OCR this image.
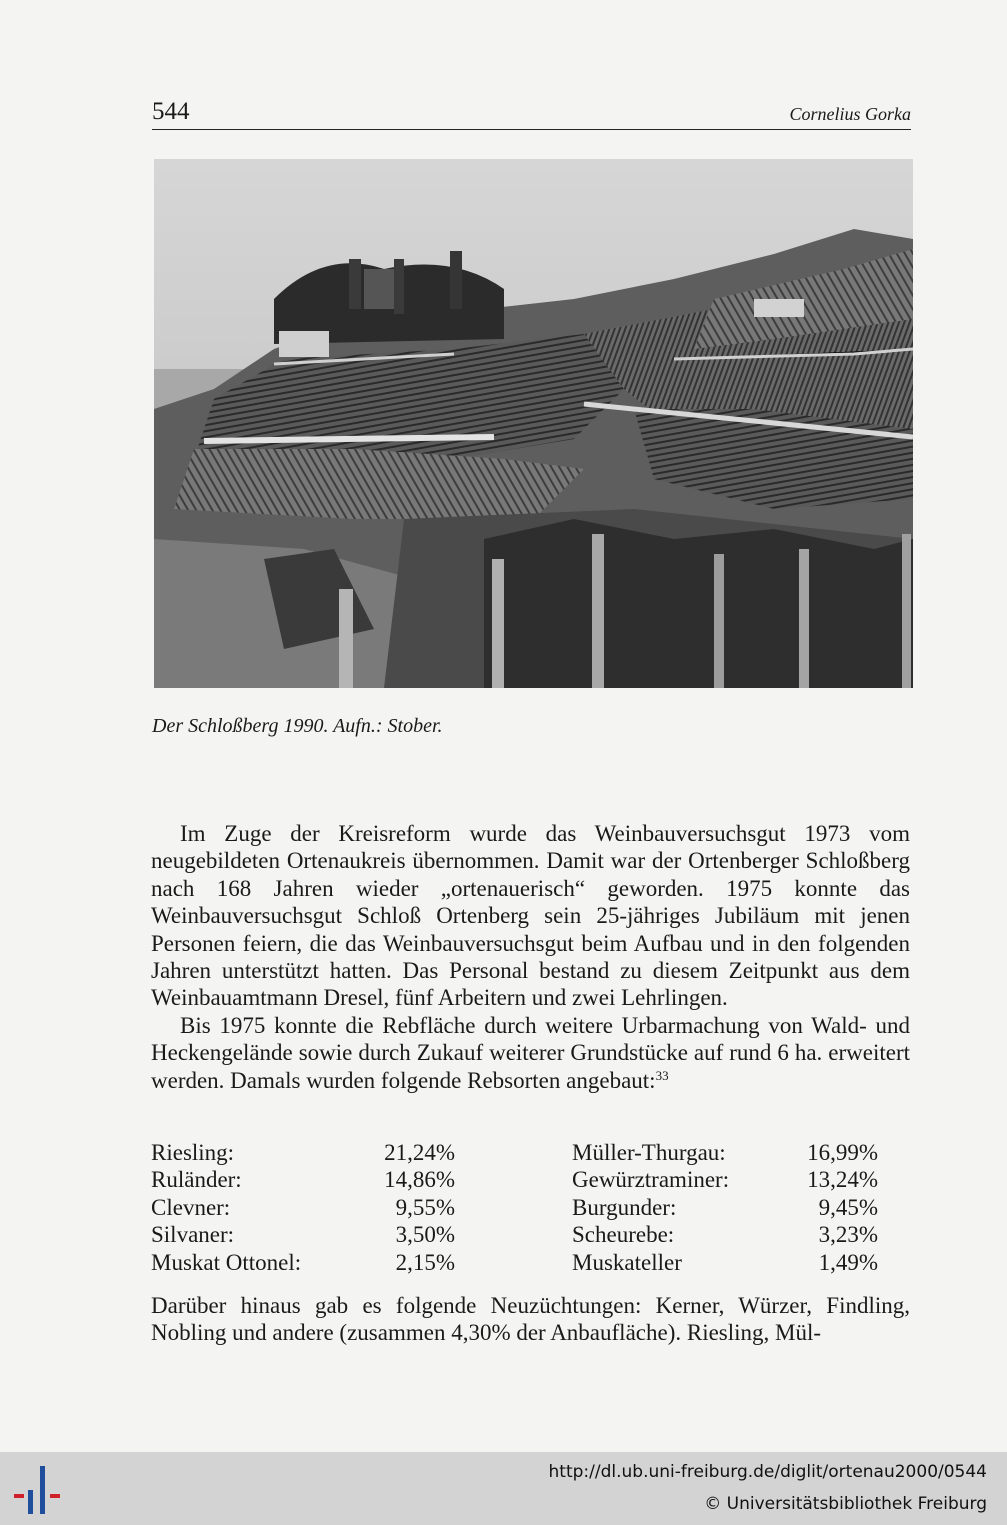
544	Cornelius Gorka
Der Schloßberg 1990. Aufn.: Stober.

Im Zuge der Kreisreform wurde das Weinbauversuchsgut 1973 vom neugebildeten Ortenaukreis übernommen. Damit war der Ortenberger Schloßberg nach 168 Jahren wieder „ortenauerisch“ geworden. 1975 konnte das Weinbauversuchsgut Schloß Ortenberg sein 25-jähriges Jubiläum mit jenen Personen feiern, die das Weinbauversuchsgut beim Aufbau und in den folgenden Jahren unterstützt hatten. Das Personal bestand zu diesem Zeitpunkt aus dem Weinbauamtmann Dresel, fünf Arbeitern und zwei Lehrlingen.

Bis 1975 konnte die Rebfläche durch weitere Urbarmachung von Wald- und Heckengelände sowie durch Zukauf weiterer Grundstücke auf rund 6 ha. erweitert werden. Damals wurden folgende Rebsorten angebaut:$^{33}$

Riesling:	21,24%	Müller-Thurgau:	16,99%
Ruländer:	14,86%	Gewürztraminer:	13,24%
Clevner:	9,55%	Burgunder:	9,45%
Silvaner:	3,50%	Scheurebe:	3,23%
Muskat Ottonel:	2,15%	Muskateller	1,49%

Darüber hinaus gab es folgende Neuzüchtungen: Kerner, Würzer, Findling, Nobling und andere (zusammen 4,30% der Anbaufläche). Riesling, Mül-

http://dl.ub.uni-freiburg.de/diglit/ortenau2000/0544
© Universitätsbibliothek Freiburg
